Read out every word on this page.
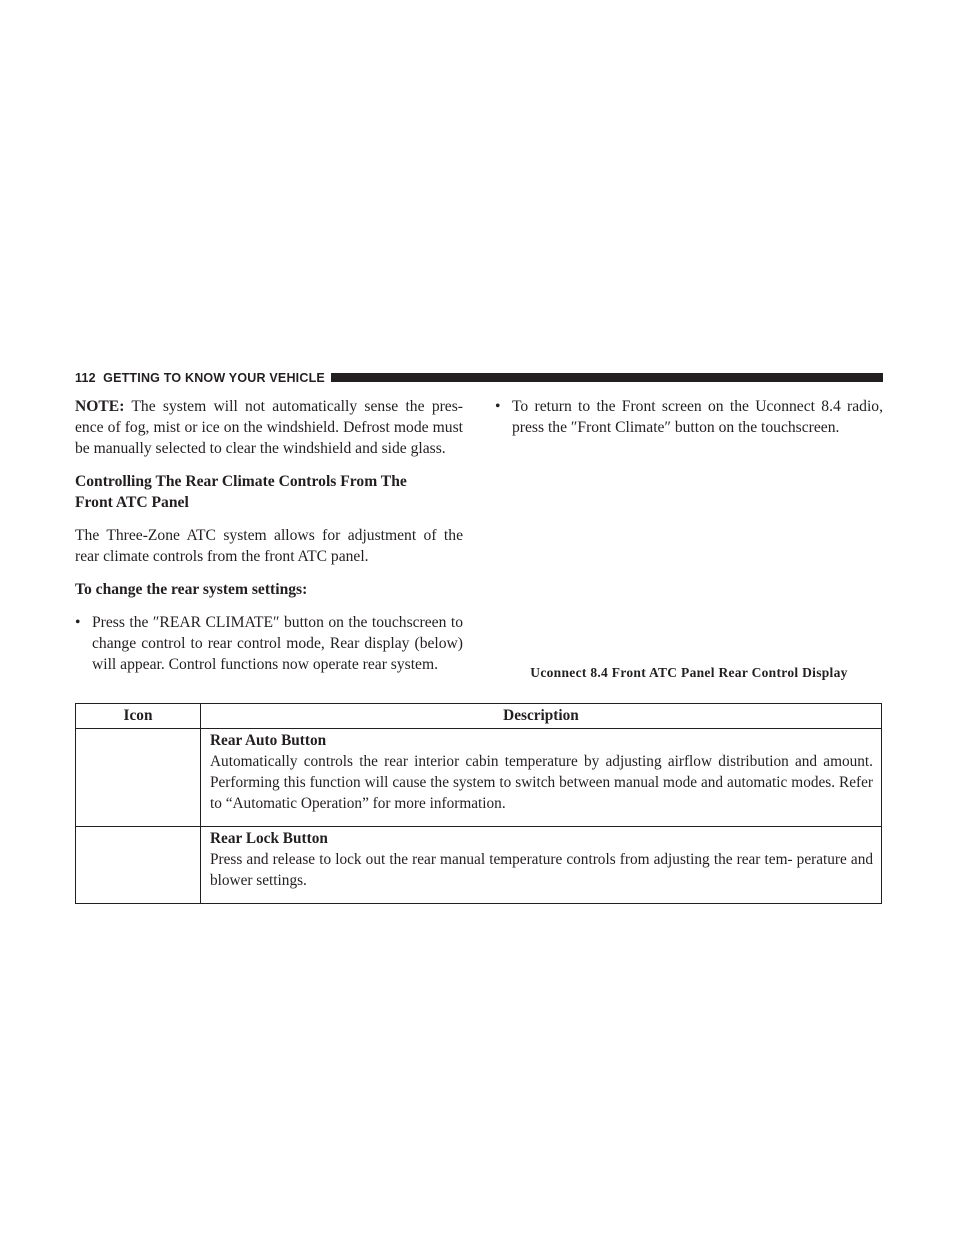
112 GETTING TO KNOW YOUR VEHICLE

NOTE: The system will not automatically sense the pres- ence of fog, mist or ice on the windshield. Defrost mode must be manually selected to clear the windshield and side glass.

Controlling The Rear Climate Controls From The
Front ATC Panel

The Three-Zone ATC system allows for adjustment of the rear climate controls from the front ATC panel.

To change the rear system settings:

• Press the ″REAR CLIMATE″ button on the touchscreen to change control to rear control mode, Rear display (below) will appear. Control functions now operate rear system.
• To return to the Front screen on the Uconnect 8.4 radio, press the ″Front Climate″ button on the touchscreen.
Uconnect 8.4 Front ATC Panel Rear Control Display
Icon	Description

	Rear Auto Button
Automatically controls the rear interior cabin temperature by adjusting airflow distribution and amount. Performing this function will cause the system to switch between manual mode and automatic modes. Refer to “Automatic Operation” for more information.

	Rear Lock Button
Press and release to lock out the rear manual temperature controls from adjusting the rear tem- perature and blower settings.
